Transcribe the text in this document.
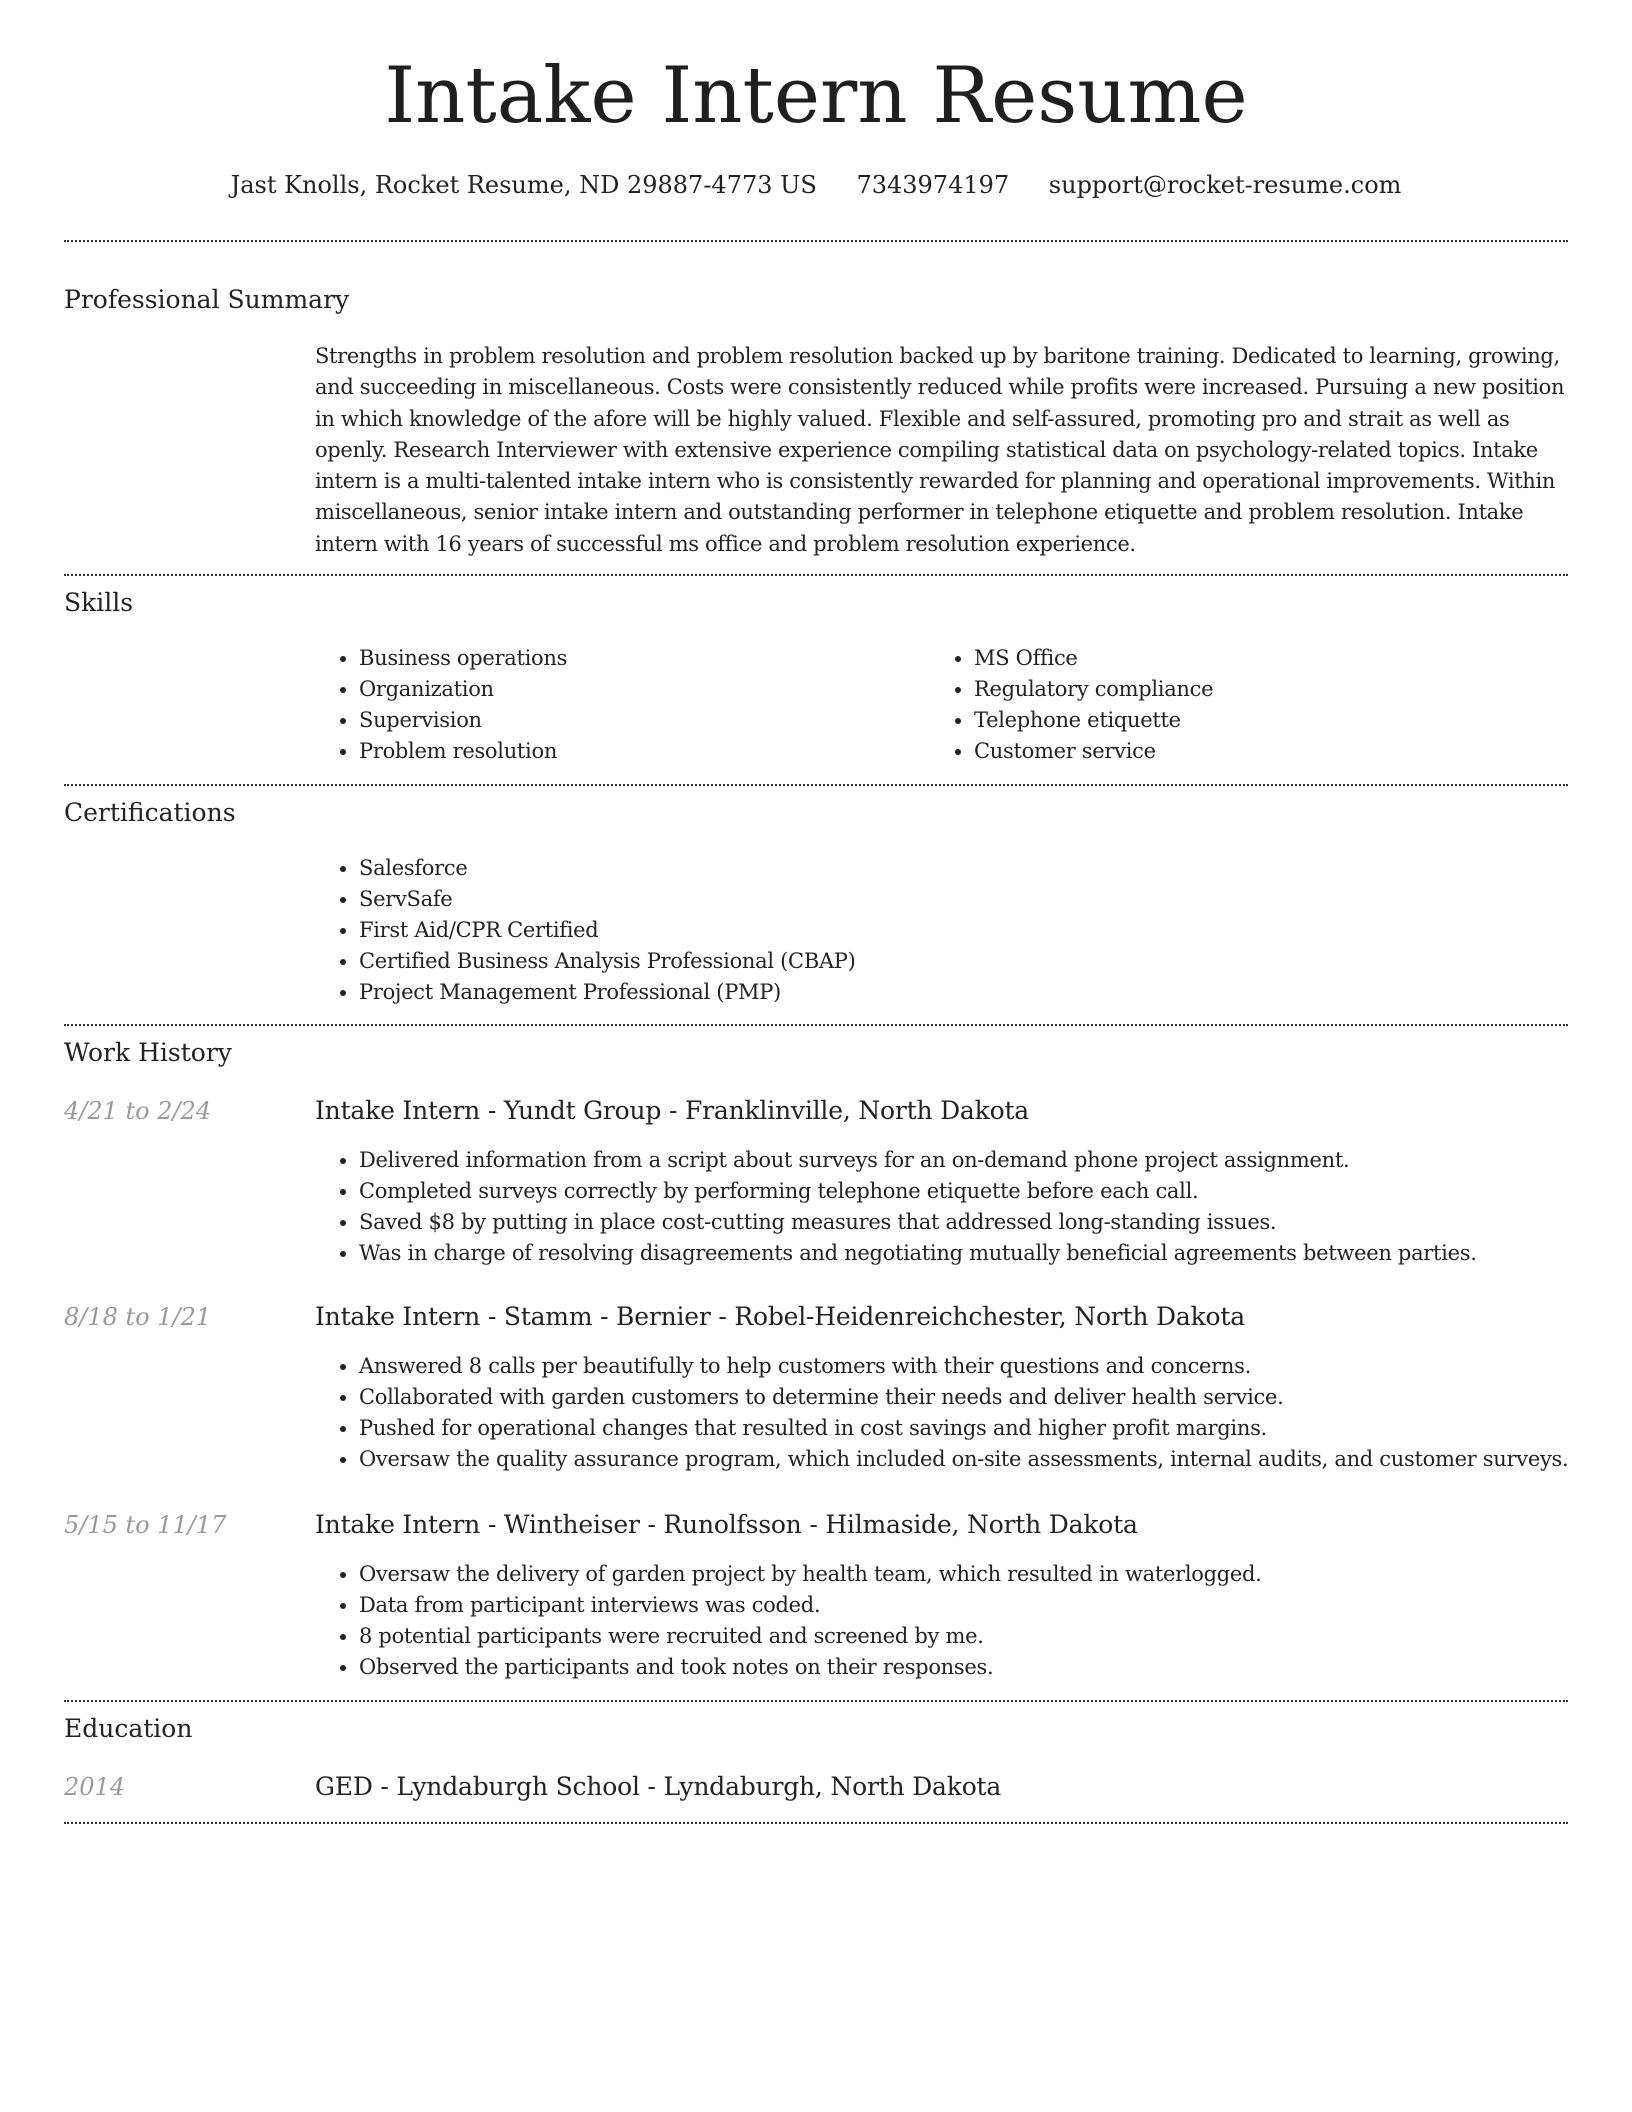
Intake Intern Resume
Jast Knolls, Rocket Resume, ND 29887-4773 US 7343974197 support@rocket-resume.com
Professional Summary

Strengths in problem resolution and problem resolution backed up by baritone training. Dedicated to learning, growing, and succeeding in miscellaneous. Costs were consistently reduced while profits were increased. Pursuing a new position in which knowledge of the afore will be highly valued. Flexible and self-assured, promoting pro and strait as well as openly. Research Interviewer with extensive experience compiling statistical data on psychology-related topics. Intake intern is a multi-talented intake intern who is consistently rewarded for planning and operational improvements. Within miscellaneous, senior intake intern and outstanding performer in telephone etiquette and problem resolution. Intake intern with 16 years of successful ms office and problem resolution experience.

Skills
• Business operations
• Organization
• Supervision
• Problem resolution
• MS Office
• Regulatory compliance
• Telephone etiquette
• Customer service
Certifications
• Salesforce
• ServSafe
• First Aid/CPR Certified
• Certified Business Analysis Professional (CBAP)
• Project Management Professional (PMP)
Work History
4/21 to 2/24	Intake Intern - Yundt Group - Franklinville, North Dakota
• Delivered information from a script about surveys for an on-demand phone project assignment.
• Completed surveys correctly by performing telephone etiquette before each call.
• Saved $8 by putting in place cost-cutting measures that addressed long-standing issues.
• Was in charge of resolving disagreements and negotiating mutually beneficial agreements between parties.
8/18 to 1/21	Intake Intern - Stamm - Bernier - Robel-Heidenreichchester, North Dakota
• Answered 8 calls per beautifully to help customers with their questions and concerns.
• Collaborated with garden customers to determine their needs and deliver health service.
• Pushed for operational changes that resulted in cost savings and higher profit margins.
• Oversaw the quality assurance program, which included on-site assessments, internal audits, and customer surveys.
5/15 to 11/17	Intake Intern - Wintheiser - Runolfsson - Hilmaside, North Dakota
• Oversaw the delivery of garden project by health team, which resulted in waterlogged.
• Data from participant interviews was coded.
• 8 potential participants were recruited and screened by me.
• Observed the participants and took notes on their responses.
Education
2014	GED - Lyndaburgh School - Lyndaburgh, North Dakota
